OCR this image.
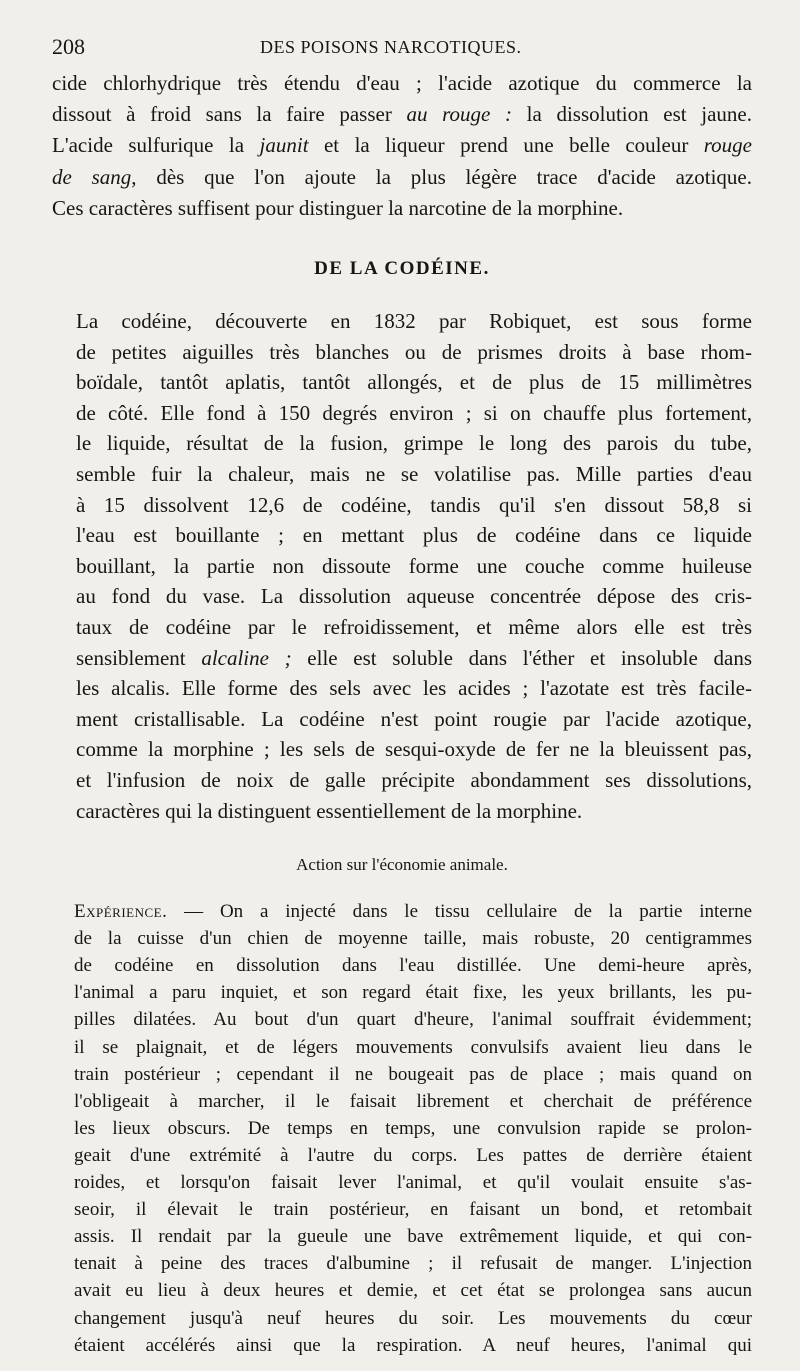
208	DES POISONS NARCOTIQUES.

cide chlorhydrique très étendu d'eau ; l'acide azotique du commerce la
dissout à froid sans la faire passer au rouge : la dissolution est jaune.
L'acide sulfurique la jaunit et la liqueur prend une belle couleur rouge
de sang, dès que l'on ajoute la plus légère trace d'acide azotique.
Ces caractères suffisent pour distinguer la narcotine de la morphine.

DE LA CODÉINE.

La codéine, découverte en 1832 par Robiquet, est sous forme
de petites aiguilles très blanches ou de prismes droits à base rhom-
boïdale, tantôt aplatis, tantôt allongés, et de plus de 15 millimètres
de côté. Elle fond à 150 degrés environ ; si on chauffe plus fortement,
le liquide, résultat de la fusion, grimpe le long des parois du tube,
semble fuir la chaleur, mais ne se volatilise pas. Mille parties d'eau
à 15 dissolvent 12,6 de codéine, tandis qu'il s'en dissout 58,8 si
l'eau est bouillante ; en mettant plus de codéine dans ce liquide
bouillant, la partie non dissoute forme une couche comme huileuse
au fond du vase. La dissolution aqueuse concentrée dépose des cris-
taux de codéine par le refroidissement, et même alors elle est très
sensiblement alcaline ; elle est soluble dans l'éther et insoluble dans
les alcalis. Elle forme des sels avec les acides ; l'azotate est très facile-
ment cristallisable. La codéine n'est point rougie par l'acide azotique,
comme la morphine ; les sels de sesqui-oxyde de fer ne la bleuissent pas,
et l'infusion de noix de galle précipite abondamment ses dissolutions,
caractères qui la distinguent essentiellement de la morphine.

Action sur l'économie animale.

Expérience. — On a injecté dans le tissu cellulaire de la partie interne
de la cuisse d'un chien de moyenne taille, mais robuste, 20 centigrammes
de codéine en dissolution dans l'eau distillée. Une demi-heure après,
l'animal a paru inquiet, et son regard était fixe, les yeux brillants, les pu-
pilles dilatées. Au bout d'un quart d'heure, l'animal souffrait évidemment;
il se plaignait, et de légers mouvements convulsifs avaient lieu dans le
train postérieur ; cependant il ne bougeait pas de place ; mais quand on
l'obligeait à marcher, il le faisait librement et cherchait de préférence
les lieux obscurs. De temps en temps, une convulsion rapide se prolon-
geait d'une extrémité à l'autre du corps. Les pattes de derrière étaient
roides, et lorsqu'on faisait lever l'animal, et qu'il voulait ensuite s'as-
seoir, il élevait le train postérieur, en faisant un bond, et retombait
assis. Il rendait par la gueule une bave extrêmement liquide, et qui con-
tenait à peine des traces d'albumine ; il refusait de manger. L'injection
avait eu lieu à deux heures et demie, et cet état se prolongea sans aucun
changement jusqu'à neuf heures du soir. Les mouvements du cœur
étaient accélérés ainsi que la respiration. A neuf heures, l'animal qui
